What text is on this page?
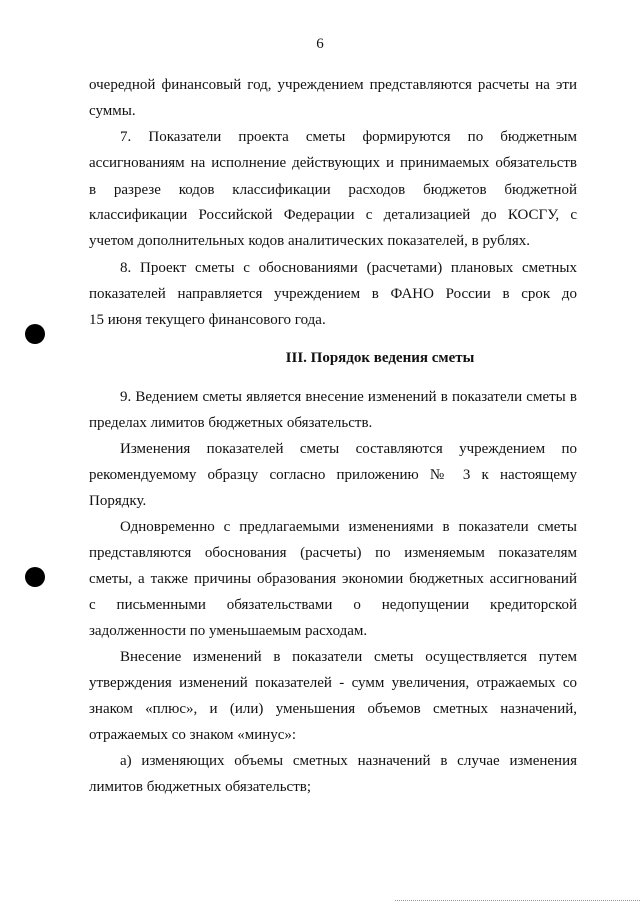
6
очередной финансовый год, учреждением представляются расчеты на эти
суммы.
7. Показатели проекта сметы формируются по бюджетным
ассигнованиям на исполнение действующих и принимаемых обязательств
в разрезе кодов классификации расходов бюджетов бюджетной
классификации Российской Федерации с детализацией до КОСГУ, с
учетом дополнительных кодов аналитических показателей, в рублях.
8. Проект сметы с обоснованиями (расчетами) плановых сметных
показателей направляется учреждением в ФАНО России в срок до
15 июня текущего финансового года.
III. Порядок ведения сметы
9. Ведением сметы является внесение изменений в показатели сметы в
пределах лимитов бюджетных обязательств.
Изменения показателей сметы составляются учреждением по
рекомендуемому образцу согласно приложению № 3 к настоящему
Порядку.
Одновременно с предлагаемыми изменениями в показатели сметы
представляются обоснования (расчеты) по изменяемым показателям
сметы, а также причины образования экономии бюджетных ассигнований
с письменными обязательствами о недопущении кредиторской
задолженности по уменьшаемым расходам.
Внесение изменений в показатели сметы осуществляется путем
утверждения изменений показателей - сумм увеличения, отражаемых со
знаком «плюс», и (или) уменьшения объемов сметных назначений,
отражаемых со знаком «минус»:
а) изменяющих объемы сметных назначений в случае изменения
лимитов бюджетных обязательств;
